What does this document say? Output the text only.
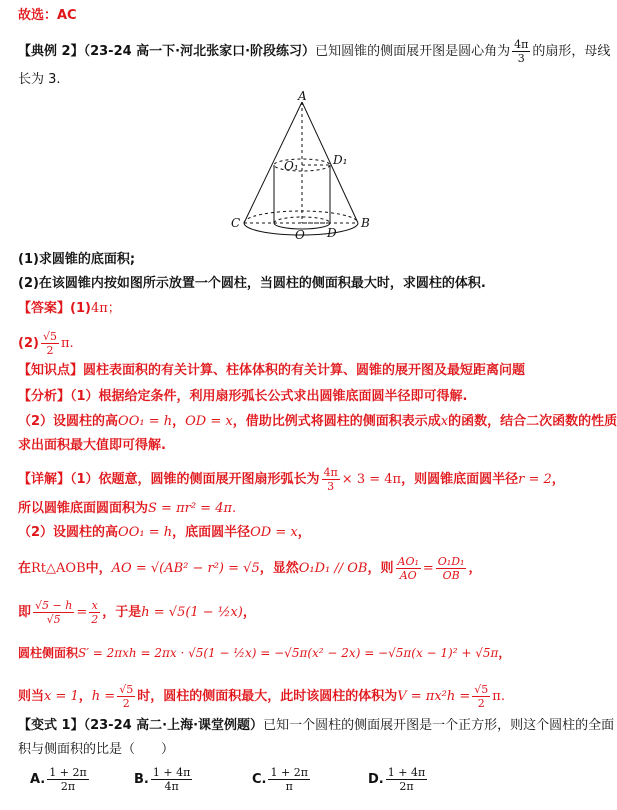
故选：AC
【典例 2】（23-24 高一下·河北张家口·阶段练习）已知圆锥的侧面展开图是圆心角为 $\frac{4\pi}{3}$ 的扇形，母线
长为 3.
A
O₁	D₁
C
O D
B
(1)求圆锥的底面积;
(2)在该圆锥内按如图所示放置一个圆柱，当圆柱的侧面积最大时，求圆柱的体积.
【答案】(1)4π；
$(2) \frac{√5}{2} \pi$.
【知识点】圆柱表面积的有关计算、柱体体积的有关计算、圆锥的展开图及最短距离问题
【分析】（1）根据给定条件，利用扇形弧长公式求出圆锥底面圆半径即可得解.
（2）设圆柱的高OO₁ = h，OD = x，借助比例式将圆柱的侧面积表示成x的函数，结合二次函数的性质
求出面积最大值即可得解.
【详解】（1）依题意，圆锥的侧面展开图扇形弧长为 $\frac{4\pi}{3} \times 3 = 4\pi$，则圆锥底面圆半径r = 2，
所以圆锥底面圆面积为S = πr² = 4π.
（2）设圆柱的高OO₁ = h，底面圆半径OD = x，
在Rt△AOB中，AO = √(AB² − r²) = √5，显然O₁D₁ // OB，则 $\frac{\text{AO₁}}{AO} = \frac{\text{O₁D₁}}{OB}$ ，
即 $\frac{√5 - h}{√5} = \frac{x}{2}$ ，于是h = √5(1 − ½x)，
圆柱侧面积S′ = 2πxh = 2πx · √5(1 − ½x) = −√5π(x² − 2x) = −√5π(x − 1)² + √5π，
则当x = 1，$h = \frac{√5}{2}$ 时，圆柱的侧面积最大，此时该圆柱的体积为$V = \pi x^2h = \frac{√5}{2} \pi$.
【变式 1】（23-24 高二·上海·课堂例题）已知一个圆柱的侧面展开图是一个正方形，则这个圆柱的全面
积与侧面积的比是（　　）
A. $\frac{1 + 2\pi}{2\pi}$	B. $\frac{1 + 4\pi}{4\pi}$	C. $\frac{1 + 2\pi}{\pi}$	D. $\frac{1 + 4\pi}{2\pi}$
